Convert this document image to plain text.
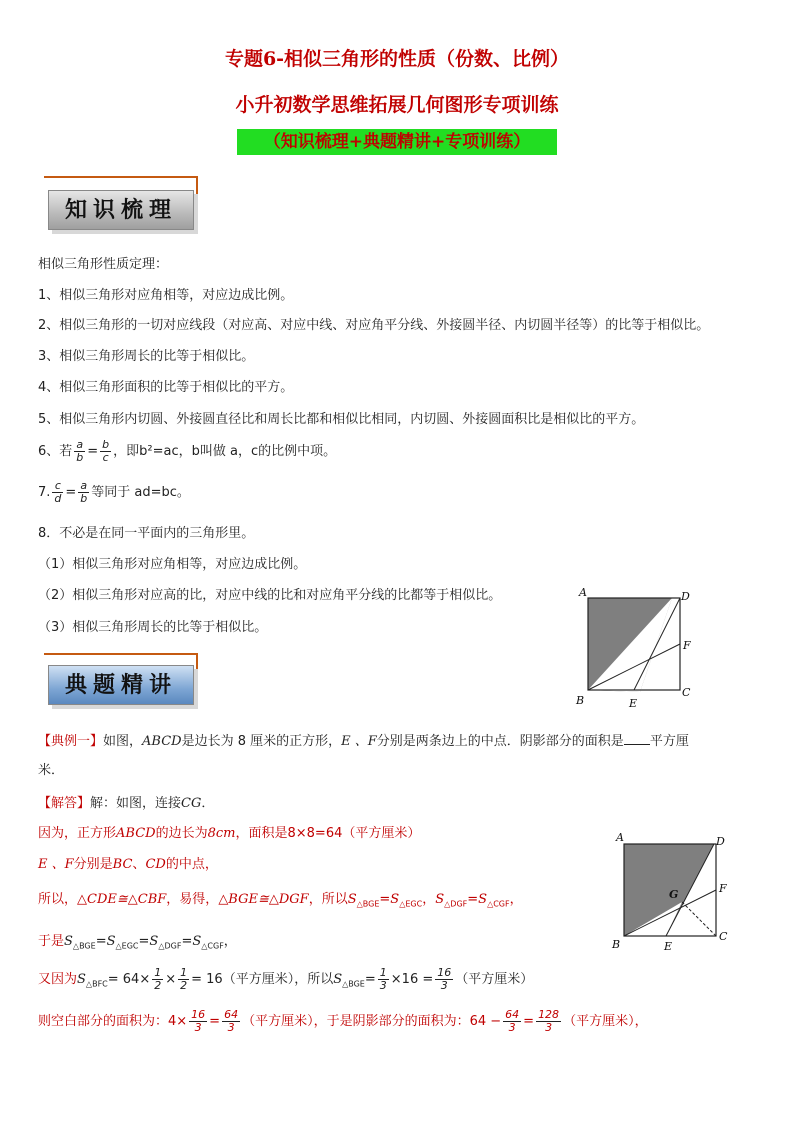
专题6-相似三角形的性质（份数、比例）
小升初数学思维拓展几何图形专项训练
（知识梳理+典题精讲+专项训练）
知识梳理
相似三角形性质定理：
1、相似三角形对应角相等，对应边成比例。
2、相似三角形的一切对应线段（对应高、对应中线、对应角平分线、外接圆半径、内切圆半径等）的比等于相似比。
3、相似三角形周长的比等于相似比。
4、相似三角形面积的比等于相似比的平方。
5、相似三角形内切圆、外接圆直径比和周长比都和相似比相同，内切圆、外接圆面积比是相似比的平方。
6、若 $\frac{a}{b} = \frac{b}{c}$ ，即b²=ac，b叫做 a，c的比例中项。
7. $\frac{c}{d} = \frac{a}{b}$ 等同于 ad=bc。
8．不必是在同一平面内的三角形里。
（1）相似三角形对应角相等，对应边成比例。
（2）相似三角形对应高的比，对应中线的比和对应角平分线的比都等于相似比。
（3）相似三角形周长的比等于相似比。
A	D
F
B	E
C
典题精讲
【典例一】如图，ABCD是边长为 8 厘米的正方形，E 、F分别是两条边上的中点．阴影部分的面积是 平方厘
米．
【解答】解：如图，连接CG．
因为，正方形ABCD的边长为8cm，面积是8×8=64（平方厘米）
E 、F分别是BC、CD的中点，
所以，△CDE≅△CBF，易得，△BGE≅△DGF，所以$S_{\triangle BGE}=S_{\triangle EGC}$，$S_{\triangle DGF}=S_{\triangle CGF}$，
于是$S_{\triangle BGE}=S_{\triangle EGC}=S_{\triangle DGF}=S_{\triangle CGF}$，
又因为$S_{\triangle BFC}= 64\times \frac{1}{2} \times \frac{1}{2} = 16$（平方厘米），所以$S_{\triangle BGE}= \frac{1}{3} \times 16 = \frac{16}{3}$ （平方厘米）
则空白部分的面积为：$4\times \frac{16}{3} = \frac{64}{3}$ （平方厘米），于是阴影部分的面积为：$64 - \frac{64}{3} = \frac{128}{3}$ （平方厘米），
A	D
G	F
B	E
C
